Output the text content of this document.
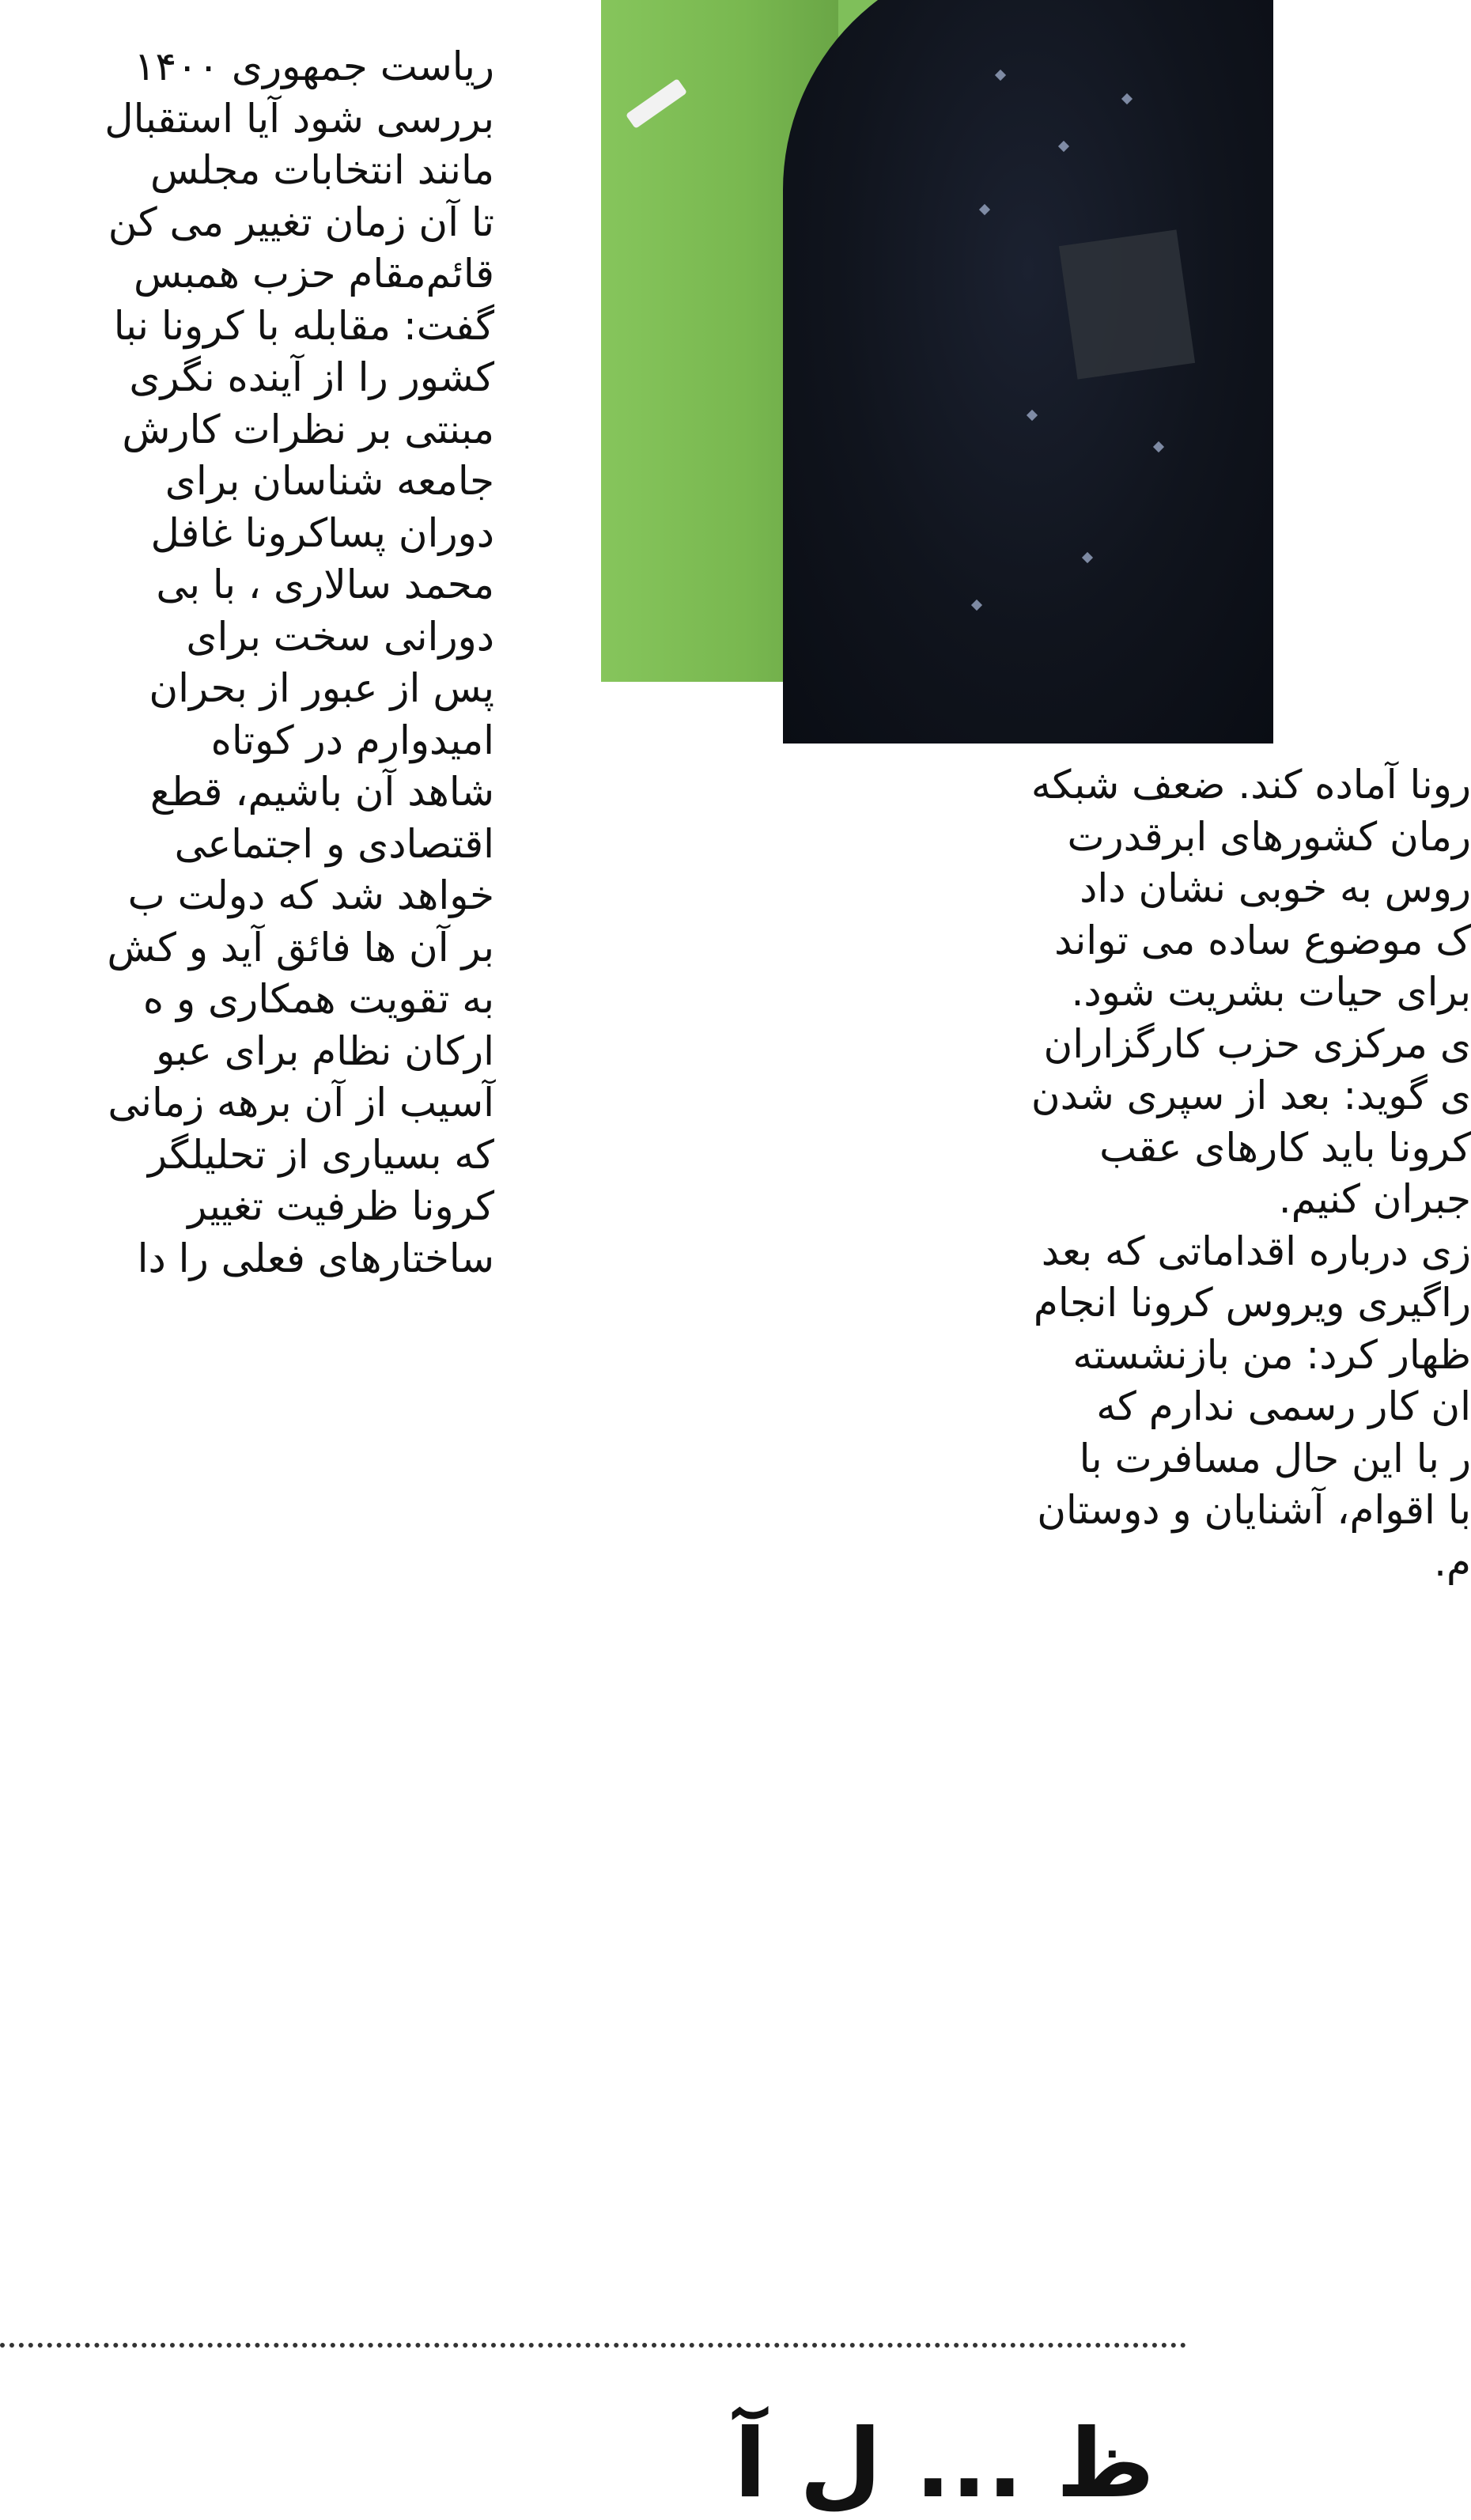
ریاست جمهوری ۱۴۰۰
بررسی شود آیا استقبال
مانند انتخابات مجلس
تا آن زمان تغییر می کن
قائم‌مقام حزب همبس
گفت: مقابله با کرونا نبا
کشور را از آینده نگری
مبنتی بر نظرات کارش
جامعه شناسان برای
دوران پساکرونا غافل
محمد سالاری ، با بی
دورانی سخت برای
پس از عبور از بحران
امیدوارم در کوتاه
شاهد آن باشیم، قطع
اقتصادی و اجتماعی
خواهد شد که دولت ب
بر آن ها فائق آید و کش
به تقویت همکاری و ه
ارکان نظام برای عبو
آسیب از آن برهه زمانی
که بسیاری از تحلیلگر
کرونا ظرفیت تغییر
ساختارهای فعلی را دا
رونا آماده کند. ضعف شبکه
رمان کشورهای ابرقدرت
روس به خوبی نشان داد
ک موضوع ساده می تواند
برای حیات بشریت شود.
ی مرکزی حزب کارگزاران
ی گوید: بعد از سپری شدن
کرونا باید کارهای عقب
جبران کنیم.
زی درباره اقداماتی که بعد
راگیری ویروس کرونا انجام
ظهار کرد: من بازنشسته
ان کار رسمی ندارم که
ر با این حال مسافرت با
با اقوام، آشنایان و دوستان
م.
ظ ... ل آ
